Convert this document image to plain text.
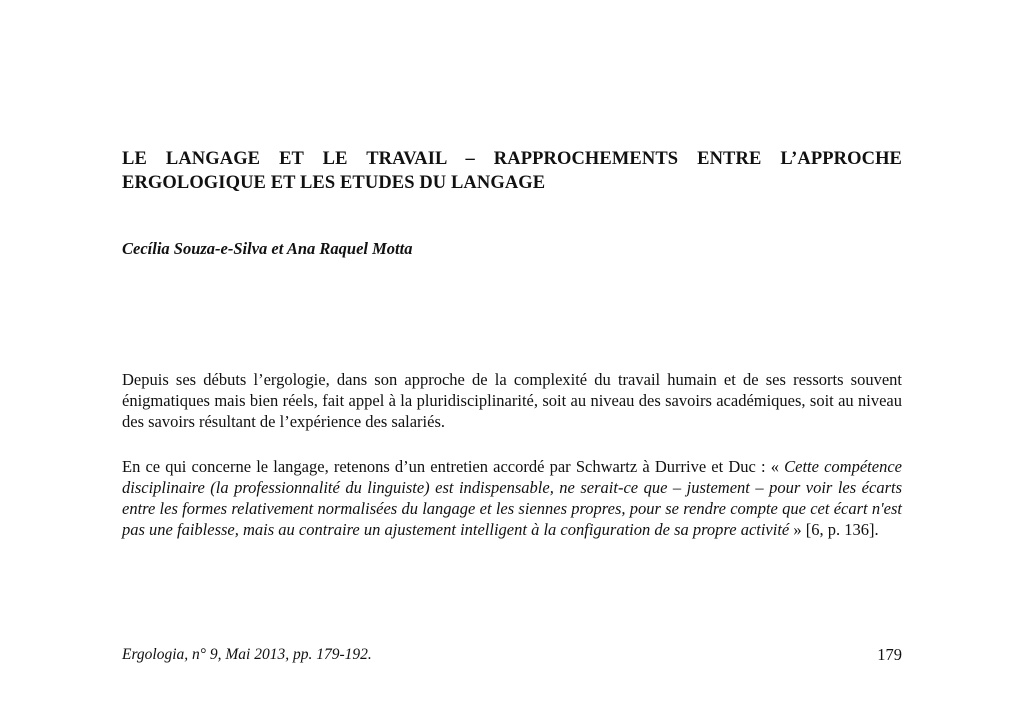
LE LANGAGE ET LE TRAVAIL – RAPPROCHEMENTS ENTRE L’APPROCHE ERGOLOGIQUE ET LES ETUDES DU LANGAGE
Cecília Souza-e-Silva et Ana Raquel Motta

Depuis ses débuts l’ergologie, dans son approche de la complexité du travail humain et de ses ressorts souvent énigmatiques mais bien réels, fait appel à la pluridisciplinarité, soit au niveau des savoirs académiques, soit au niveau des savoirs résultant de l’expérience des salariés.

En ce qui concerne le langage, retenons d’un entretien accordé par Schwartz à Durrive et Duc : « Cette compétence disciplinaire (la professionnalité du linguiste) est indispensable, ne serait-ce que – justement – pour voir les écarts entre les formes relativement normalisées du langage et les siennes propres, pour se rendre compte que cet écart n'est pas une faiblesse, mais au contraire un ajustement intelligent à la configuration de sa propre activité » [6, p. 136].

Ergologia, n° 9, Mai 2013, pp. 179-192.	179
